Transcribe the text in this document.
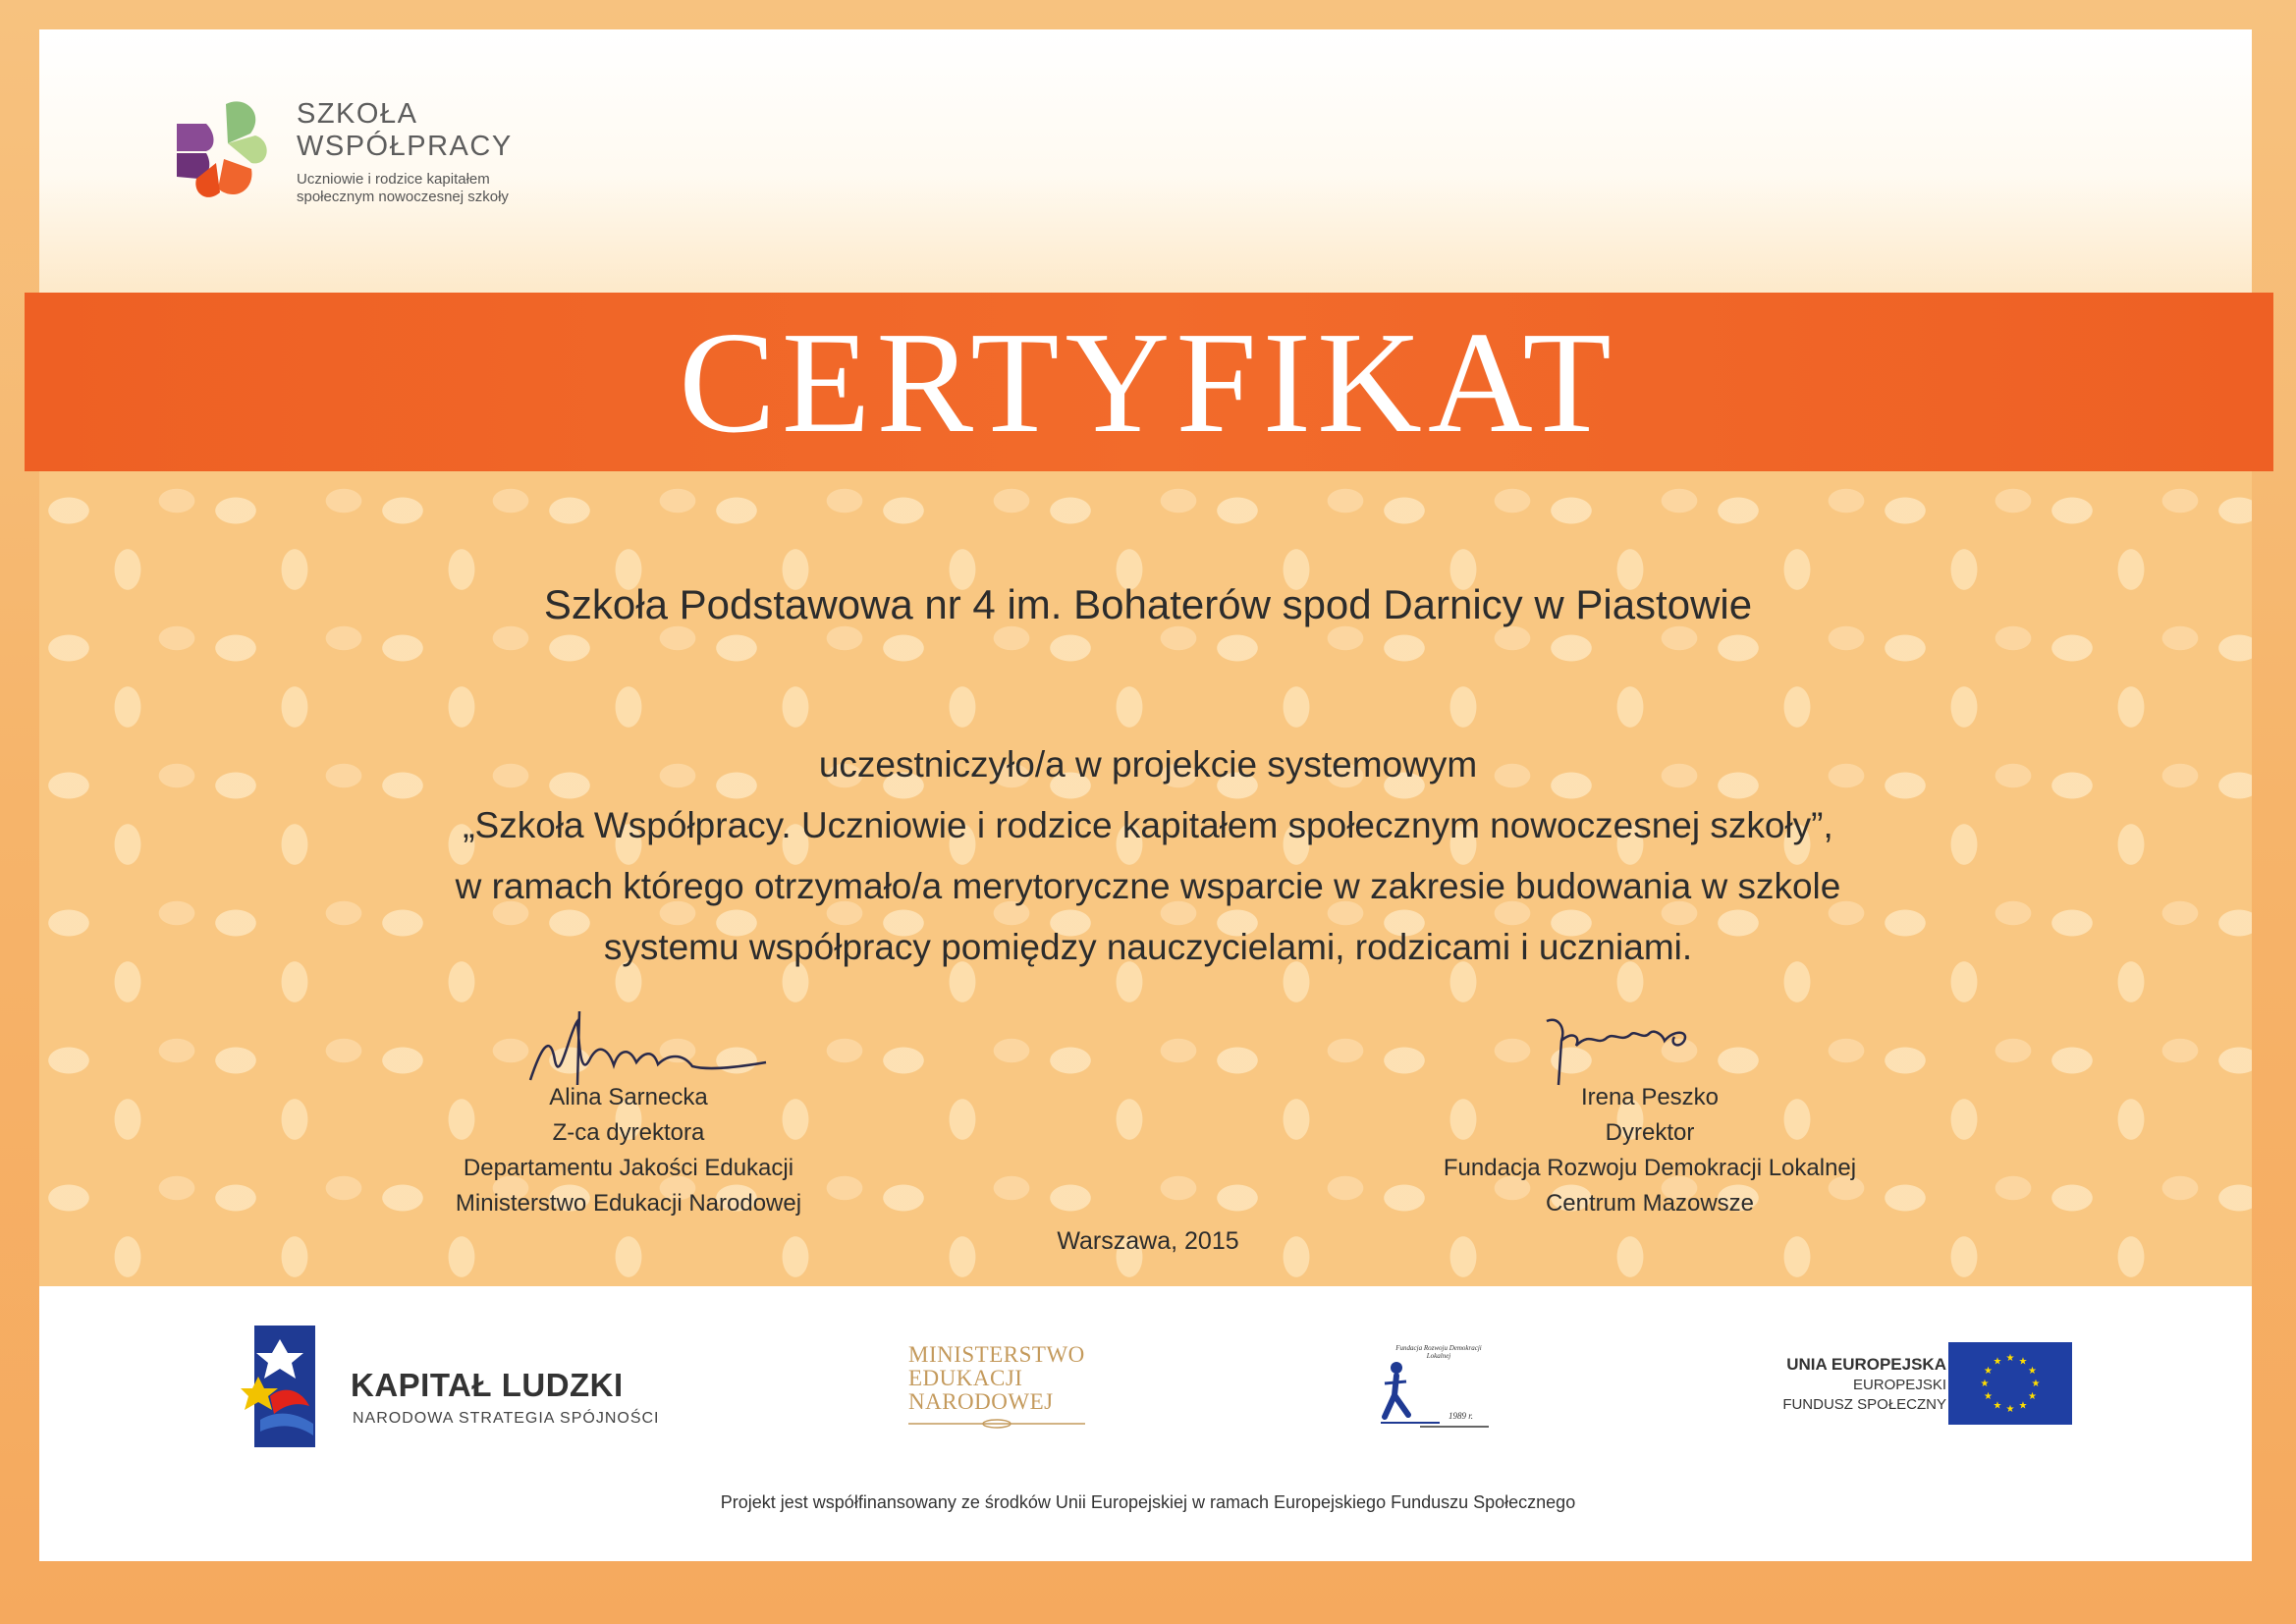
SZKOŁA
WSPÓŁPRACY
Uczniowie i rodzice kapitałem
społecznym nowoczesnej szkoły
CERTYFIKAT
Szkoła Podstawowa nr 4 im. Bohaterów spod Darnicy w Piastowie
uczestniczyło/a w projekcie systemowym
„Szkoła Współpracy. Uczniowie i rodzice kapitałem społecznym nowoczesnej szkoły”,
w ramach którego otrzymało/a merytoryczne wsparcie w zakresie budowania w szkole
systemu współpracy pomiędzy nauczycielami, rodzicami i uczniami.
Alina Sarnecka
Z-ca dyrektora
Departamentu Jakości Edukacji
Ministerstwo Edukacji Narodowej
Irena Peszko
Dyrektor
Fundacja Rozwoju Demokracji Lokalnej
Centrum Mazowsze
Warszawa, 2015
KAPITAŁ LUDZKI
NARODOWA STRATEGIA SPÓJNOŚCI
MINISTERSTWO
EDUKACJI
NARODOWEJ
Fundacja Rozwoju Demokracji Lokalnej
1989 r.
UNIA EUROPEJSKA
EUROPEJSKI
FUNDUSZ SPOŁECZNY
★
★
★
★
★
★
★
★
★ ★ ★
★
Projekt jest współfinansowany ze środków Unii Europejskiej w ramach Europejskiego Funduszu Społecznego
